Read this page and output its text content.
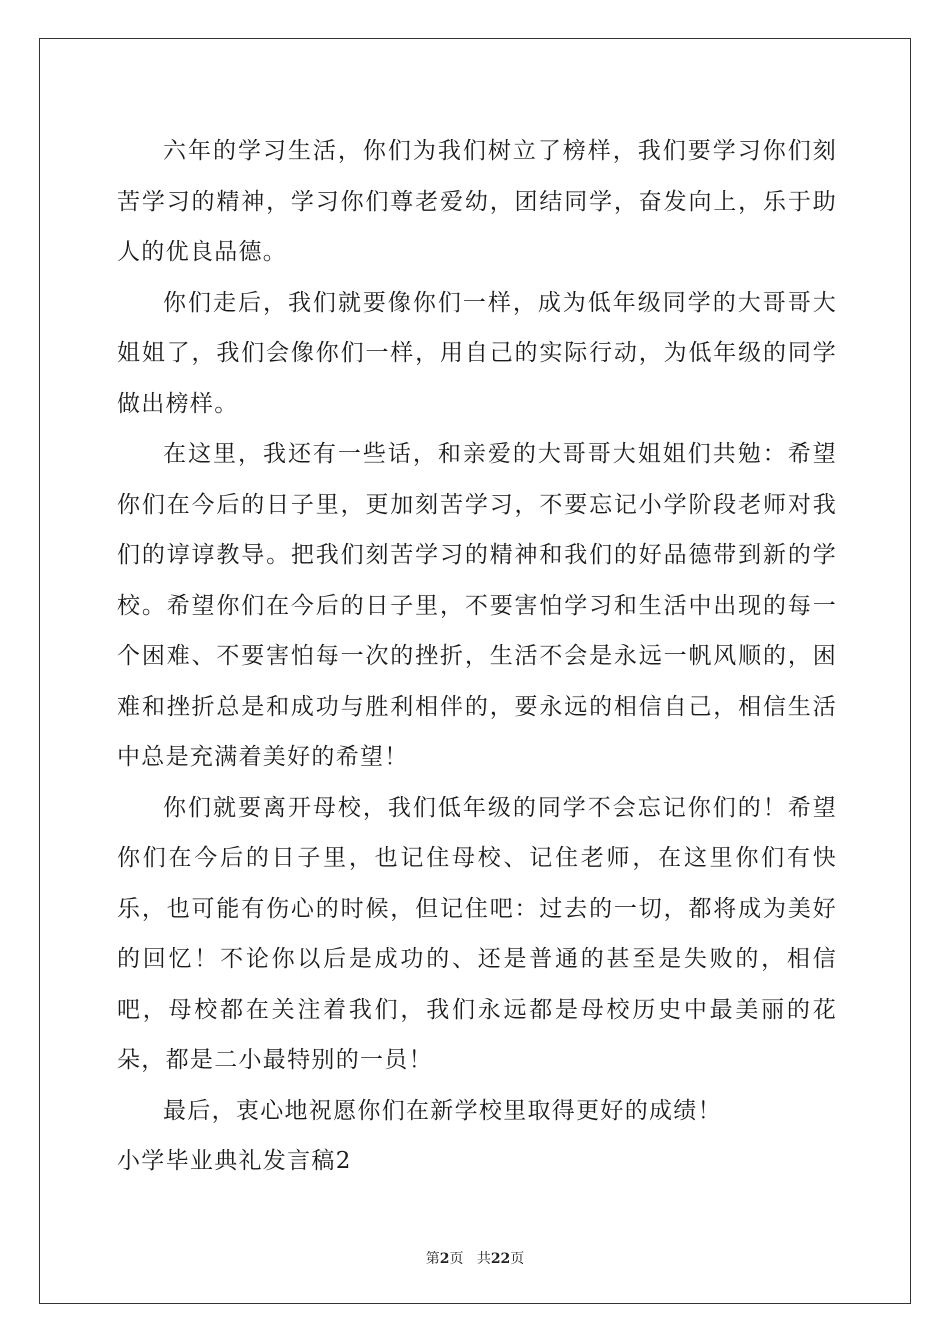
六年的学习生活，你们为我们树立了榜样，我们要学习你们刻苦学习的精神，学习你们尊老爱幼，团结同学，奋发向上，乐于助人的优良品德。

你们走后，我们就要像你们一样，成为低年级同学的大哥哥大姐姐了，我们会像你们一样，用自己的实际行动，为低年级的同学做出榜样。

在这里，我还有一些话，和亲爱的大哥哥大姐姐们共勉：希望你们在今后的日子里，更加刻苦学习，不要忘记小学阶段老师对我们的谆谆教导。把我们刻苦学习的精神和我们的好品德带到新的学校。希望你们在今后的日子里，不要害怕学习和生活中出现的每一个困难、不要害怕每一次的挫折，生活不会是永远一帆风顺的，困难和挫折总是和成功与胜利相伴的，要永远的相信自己，相信生活中总是充满着美好的希望！

你们就要离开母校，我们低年级的同学不会忘记你们的！希望你们在今后的日子里，也记住母校、记住老师，在这里你们有快乐，也可能有伤心的时候，但记住吧：过去的一切，都将成为美好的回忆！不论你以后是成功的、还是普通的甚至是失败的，相信吧，母校都在关注着我们，我们永远都是母校历史中最美丽的花朵，都是二小最特别的一员！

最后，衷心地祝愿你们在新学校里取得更好的成绩！

小学毕业典礼发言稿2

第2页 共22页
